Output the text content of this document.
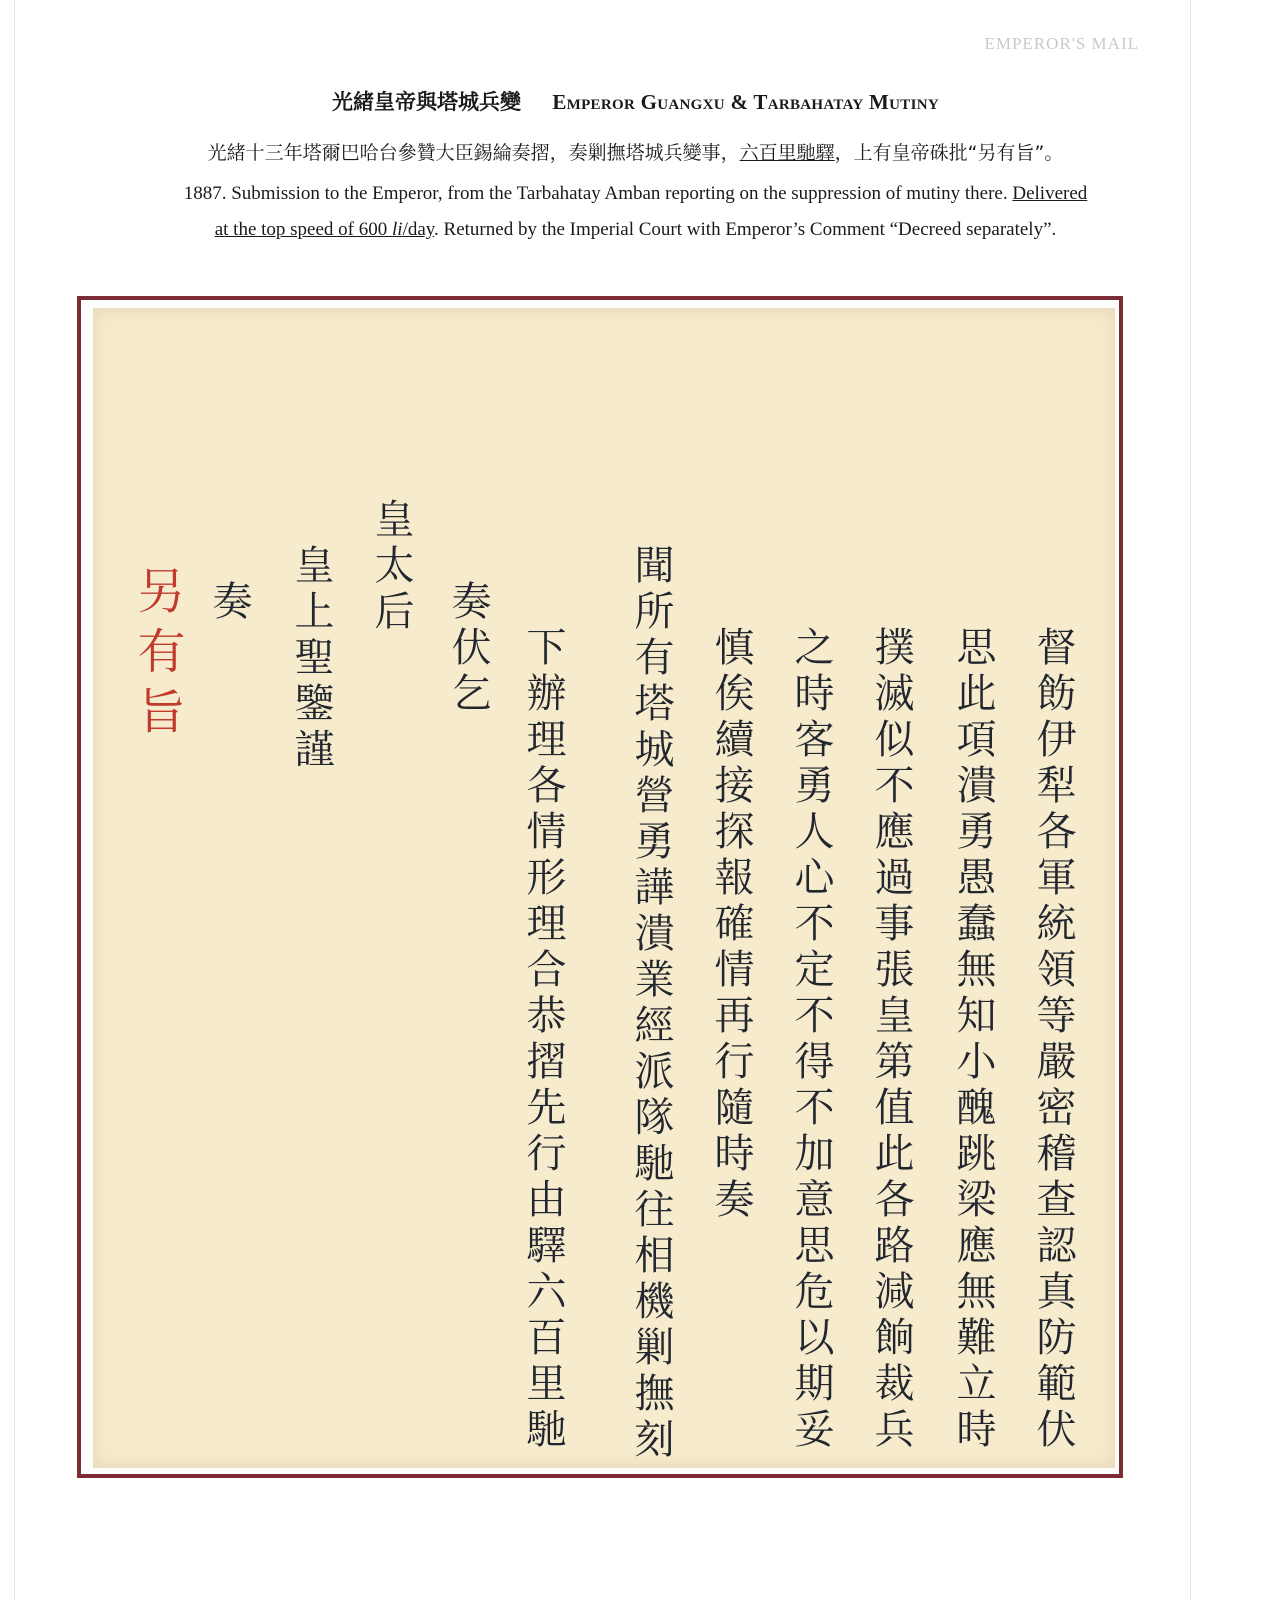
EMPEROR'S MAIL
光緒皇帝與塔城兵變 Emperor Guangxu & Tarbahatay Mutiny
光緒十三年塔爾巴哈台參贊大臣錫綸奏摺，奏剿撫塔城兵變事，六百里馳驛，上有皇帝硃批“另有旨”。
1887. Submission to the Emperor, from the Tarbahatay Amban reporting on the suppression of mutiny there. Delivered
at the top speed of 600 li/day. Returned by the Imperial Court with Emperor’s Comment “Decreed separately”.
督飭伊犁各軍統領等嚴密稽查認真防範伏
思此項潰勇愚蠢無知小醜跳梁應無難立時
撲滅似不應過事張皇第值此各路減餉裁兵
之時客勇人心不定不得不加意思危以期妥
慎俟續接探報確情再行隨時奏
聞所有塔城營勇譁潰業經派隊馳往相機剿撫刻
下辦理各情形理合恭摺先行由驛六百里馳
奏伏乞
皇太后
皇上聖鑒謹
奏
另有旨
